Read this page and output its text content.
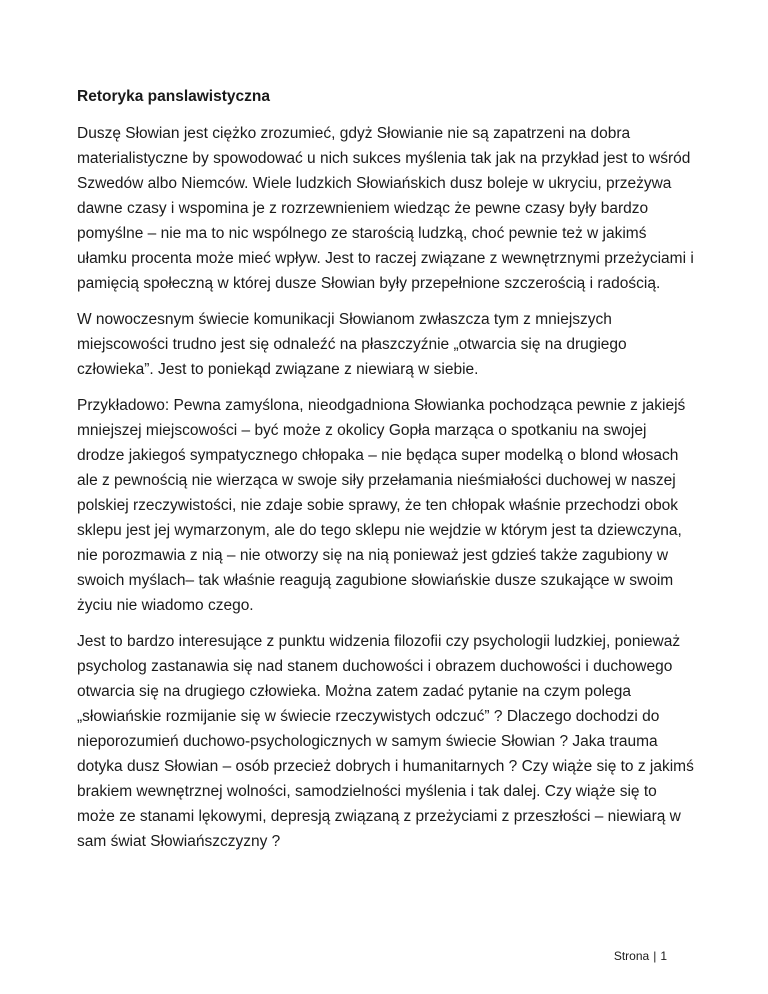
Retoryka panslawistyczna

Duszę Słowian jest ciężko zrozumieć, gdyż Słowianie nie są zapatrzeni na dobra materialistyczne by spowodować u nich sukces myślenia tak jak na przykład jest to wśród Szwedów albo Niemców. Wiele ludzkich Słowiańskich dusz boleje w ukryciu, przeżywa dawne czasy i wspomina je z rozrzewnieniem wiedząc że pewne czasy były bardzo pomyślne – nie ma to nic wspólnego ze starością ludzką, choć pewnie też w jakimś ułamku procenta może mieć wpływ. Jest to raczej związane z wewnętrznymi przeżyciami i pamięcią społeczną w której dusze Słowian były przepełnione szczerością i radością.

W nowoczesnym świecie komunikacji Słowianom zwłaszcza tym z mniejszych miejscowości trudno jest się odnaleźć na płaszczyźnie „otwarcia się na drugiego człowieka”. Jest to poniekąd związane z niewiarą w siebie.

Przykładowo: Pewna zamyślona, nieodgadniona Słowianka pochodząca pewnie z jakiejś mniejszej miejscowości – być może z okolicy Gopła marząca o spotkaniu na swojej drodze jakiegoś sympatycznego chłopaka – nie będąca super modelką o blond włosach ale z pewnością nie wierząca w swoje siły przełamania nieśmiałości duchowej w naszej polskiej rzeczywistości, nie zdaje sobie sprawy, że ten chłopak właśnie przechodzi obok sklepu jest jej wymarzonym, ale do tego sklepu nie wejdzie w którym jest ta dziewczyna, nie porozmawia z nią – nie otworzy się na nią ponieważ jest gdzieś także zagubiony w swoich myślach– tak właśnie reagują zagubione słowiańskie dusze szukające w swoim życiu nie wiadomo czego.

Jest to bardzo interesujące z punktu widzenia filozofii czy psychologii ludzkiej, ponieważ psycholog zastanawia się nad stanem duchowości i obrazem duchowości i duchowego otwarcia się na drugiego człowieka. Można zatem zadać pytanie na czym polega „słowiańskie rozmijanie się w świecie rzeczywistych odczuć” ? Dlaczego dochodzi do nieporozumień duchowo-psychologicznych w samym świecie Słowian ? Jaka trauma dotyka dusz Słowian – osób przecież dobrych i humanitarnych ? Czy wiąże się to z jakimś brakiem wewnętrznej wolności, samodzielności myślenia i tak dalej. Czy wiąże się to może ze stanami lękowymi, depresją związaną z przeżyciami z przeszłości – niewiarą w sam świat Słowiańszczyzny ?

Strona | 1
